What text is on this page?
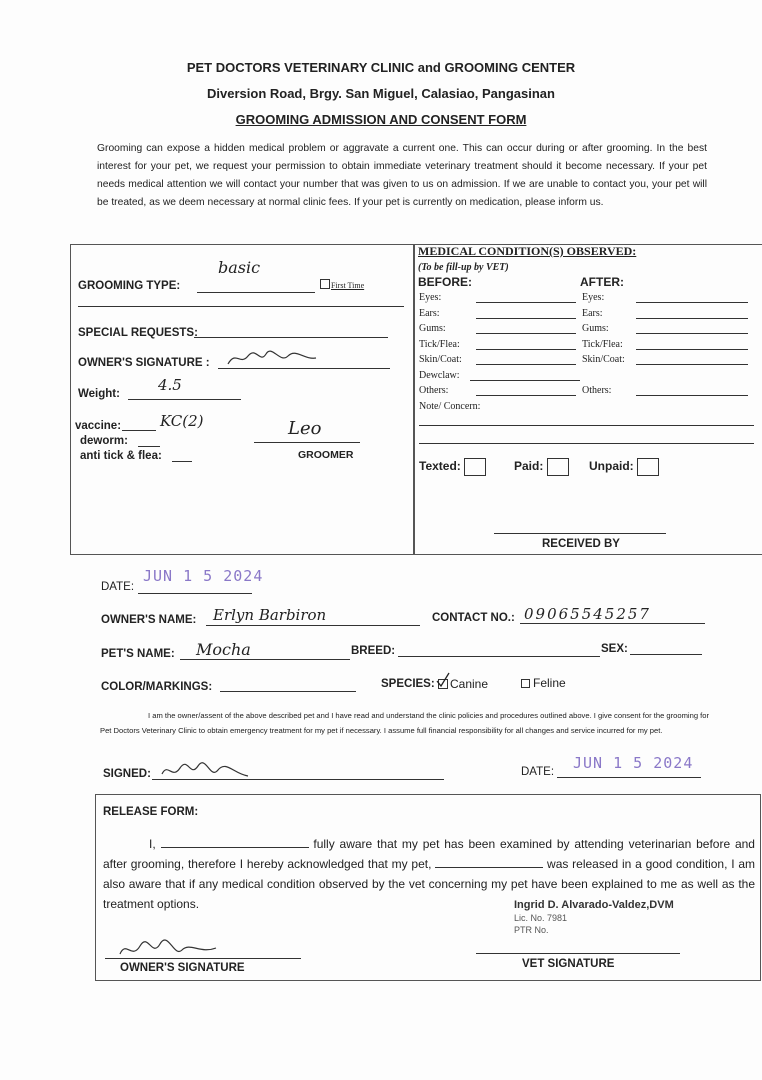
PET DOCTORS VETERINARY CLINIC and GROOMING CENTER
Diversion Road, Brgy. San Miguel, Calasiao, Pangasinan
GROOMING ADMISSION AND CONSENT FORM
Grooming can expose a hidden medical problem or aggravate a current one. This can occur during or after grooming. In the best interest for your pet, we request your permission to obtain immediate veterinary treatment should it become necessary. If your pet needs medical attention we will contact your number that was given to us on admission. If we are unable to contact you, your pet will be treated, as we deem necessary at normal clinic fees. If your pet is currently on medication, please inform us.
GROOMING TYPE:
basic
First Time
SPECIAL REQUESTS:
OWNER'S SIGNATURE :
Weight:	4.5
vaccine:	KC(2)
deworm:
anti tick & flea:
Leo
GROOMER
MEDICAL CONDITION(S) OBSERVED:
(To be fill-up by VET)
BEFORE:	AFTER:
Eyes:	Eyes:
Ears:	Ears:
Gums:	Gums:
Tick/Flea:	Tick/Flea:
Skin/Coat:	Skin/Coat:
Dewclaw:
Others:	Others:
Note/ Concern:
Texted:	Paid:	Unpaid:
RECEIVED BY
DATE:
JUN 1 5 2024
OWNER'S NAME: Erlyn Barbiron	CONTACT NO.: 09065545257
PET'S NAME: Mocha	BREED:	SEX:
COLOR/MARKINGS:	SPECIES: Canine	Feline
I am the owner/assent of the above described pet and I have read and understand the clinic policies and procedures outlined above. I give consent for the grooming for Pet Doctors Veterinary Clinic to obtain emergency treatment for my pet if necessary. I assume full financial responsibility for all changes and service incurred for my pet.
SIGNED:	DATE: JUN 1 5 2024
RELEASE FORM:
I,	fully aware that my pet has been examined by attending veterinarian before and after grooming, therefore I hereby acknowledged that my pet,	was released in a good condition, I am also aware that if any medical condition observed by the vet concerning my pet have been explained to me as well as the treatment options.	Ingrid D. Alvarado-Valdez,DVM
Lic. No. 7981
PTR No.
OWNER'S SIGNATURE	VET SIGNATURE
